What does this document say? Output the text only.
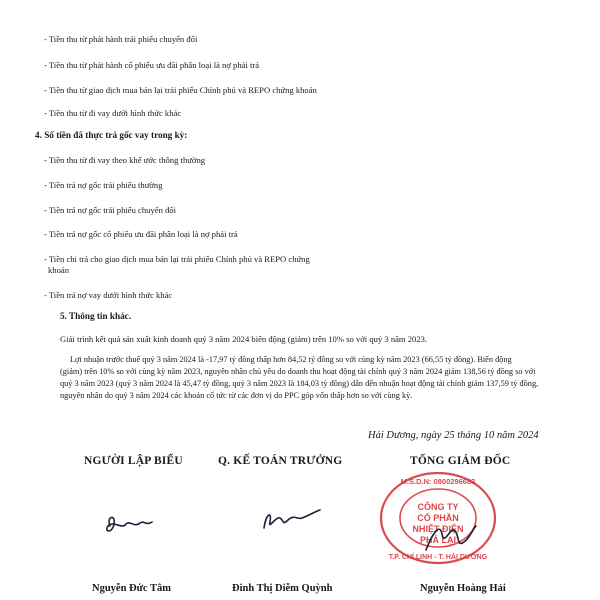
- Tiền thu từ phát hành trái phiếu chuyển đổi
- Tiền thu từ phát hành cổ phiếu ưu đãi phân loại là nợ phải trả
- Tiền thu từ giao dịch mua bán lại trái phiếu Chính phủ và REPO chứng khoán
- Tiền thu từ đi vay dưới hình thức khác
4. Số tiền đã thực trả gốc vay trong kỳ:
- Tiền thu từ đi vay theo khế ước thông thường
- Tiền trả nợ gốc trái phiếu thường
- Tiền trả nợ gốc trái phiếu chuyển đổi
- Tiền trả nợ gốc cổ phiếu ưu đãi phân loại là nợ phải trả
- Tiền chi trả cho giao dịch mua bán lại trái phiếu Chính phủ và REPO chứng
khoán
- Tiền trả nợ vay dưới hình thức khác
5. Thông tin khác.
Giải trình kết quả sản xuất kinh doanh quý 3 năm 2024 biến động (giảm) trên 10% so với quý 3 năm 2023.
Lợi nhuận trước thuế quý 3 năm 2024 là -17,97 tỷ đồng thấp hơn 84,52 tỷ đồng so với cùng kỳ năm 2023 (66,55 tỷ đồng). Biến động
(giảm) trên 10% so với cùng kỳ năm 2023, nguyên nhân chủ yếu do doanh thu hoạt động tài chính quý 3 năm 2024 giảm 138,56 tỷ đồng so với
quý 3 năm 2023 (quý 3 năm 2024 là 45,47 tỷ đồng, quý 3 năm 2023 là 184,03 tỷ đồng) dẫn đến nhuận hoạt động tài chính giảm 137,59 tỷ đồng,
nguyên nhân do quý 3 năm 2024 các khoản cổ tức từ các đơn vị do PPC góp vốn thấp hơn so với cùng kỳ.
Hải Dương, ngày 25 tháng 10 năm 2024
NGƯỜI LẬP BIỂU	Q. KẾ TOÁN TRƯỞNG	TỔNG GIÁM ĐỐC
M.S.D.N: 0800296683
CÔNG TY
CỔ PHẦN
NHIỆT ĐIỆN
PHẢ LẠI
T.P. CHÍ LINH - T. HẢI DƯƠNG
Nguyễn Đức Tâm	Đinh Thị Diễm Quỳnh	Nguyễn Hoàng Hải
